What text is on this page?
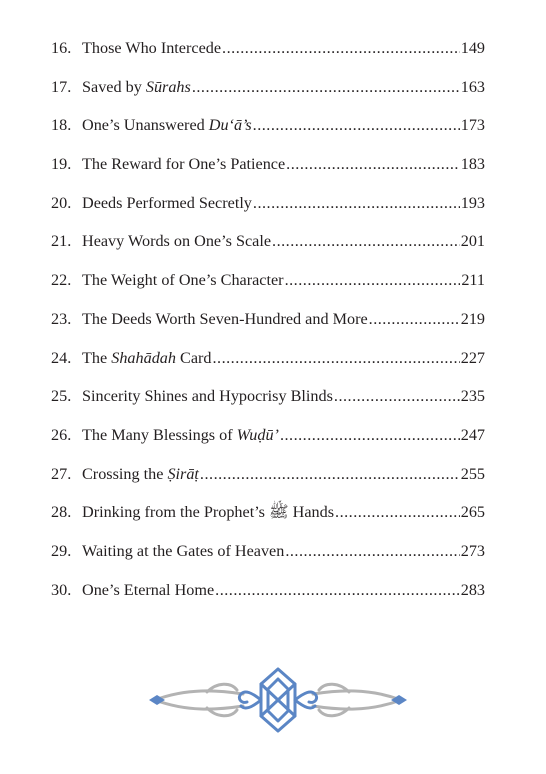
16. Those Who Intercede .....	149
17. Saved by Sūrahs .....	163
18. One’s Unanswered Du‘ā’s .....	173
19. The Reward for One’s Patience .....	183
20. Deeds Performed Secretly .....	193
21. Heavy Words on One’s Scale .....	201
22. The Weight of One’s Character .....	211
23. The Deeds Worth Seven-Hundred and More .....	219
24. The Shahādah Card .....	227
25. Sincerity Shines and Hypocrisy Blinds .....	235
26. The Many Blessings of Wuḍū’ .....	247
27. Crossing the Ṣirāṭ .....	255
28. Drinking from the Prophet’s ﷺ Hands .....	265
29. Waiting at the Gates of Heaven .....	273
30. One’s Eternal Home .....	283
